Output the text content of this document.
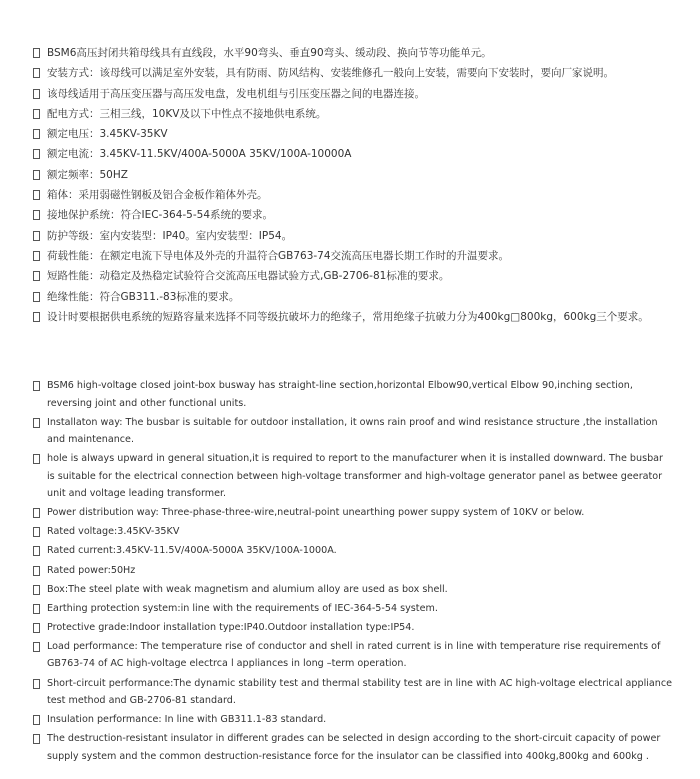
BSM6高压封闭共箱母线具有直线段，水平90弯头、垂直90弯头、缓动段、换向节等功能单元。
安装方式：该母线可以满足室外安装，具有防雨、防风结构、安装维修孔一般向上安装，需要向下安装时，要向厂家说明。
该母线适用于高压变压器与高压发电盘，发电机组与引压变压器之间的电器连接。
配电方式：三相三线，10KV及以下中性点不接地供电系统。
额定电压：3.45KV-35KV
额定电流：3.45KV-11.5KV/400A-5000A 35KV/100A-10000A
额定频率：50HZ
箱体：采用弱磁性钢板及铝合金板作箱体外壳。
接地保护系统：符合IEC-364-5-54系统的要求。
防护等级：室内安装型：IP40。室内安装型：IP54。
荷载性能：在额定电流下导电体及外壳的升温符合GB763-74交流高压电器长期工作时的升温要求。
短路性能：动稳定及热稳定试验符合交流高压电器试验方式,GB-2706-81标准的要求。
绝缘性能：符合GB311.-83标准的要求。
设计时要根据供电系统的短路容量来选择不同等级抗破坏力的绝缘子，常用绝缘子抗破力分为400kg□800kg，600kg三个要求。
BSM6 high-voltage closed joint-box busway has straight-line section,horizontal Elbow90,vertical Elbow 90,inching section, reversing joint and other functional units.
Installaton way: The busbar is suitable for outdoor installation, it owns rain proof and wind resistance structure ,the installation and maintenance.
hole is always upward in general situation,it is required to report to the manufacturer when it is installed downward. The busbar is suitable for the electrical connection between high-voltage transformer and high-voltage generator panel as betwee geerator unit and voltage leading transformer.
Power distribution way: Three-phase-three-wire,neutral-point unearthing power suppy system of 10KV or below.
Rated voltage:3.45KV-35KV
Rated current:3.45KV-11.5V/400A-5000A 35KV/100A-1000A.
Rated power:50Hz
Box:The steel plate with weak magnetism and alumium alloy are used as box shell.
Earthing protection system:in line with the requirements of IEC-364-5-54 system.
Protective grade:Indoor installation type:IP40.Outdoor installation type:IP54.
Load performance: The temperature rise of conductor and shell in rated current is in line with temperature rise requirements of GB763-74 of AC high-voltage electrca l appliances in long –term operation.
Short-circuit performance:The dynamic stability test and thermal stability test are in line with AC high-voltage electrical appliance test method and GB-2706-81 standard.
Insulation performance: In line with GB311.1-83 standard.
The destruction-resistant insulator in different grades can be selected in design according to the short-circuit capacity of power supply system and the common destruction-resistance force for the insulator can be classified into 400kg,800kg and 600kg .
